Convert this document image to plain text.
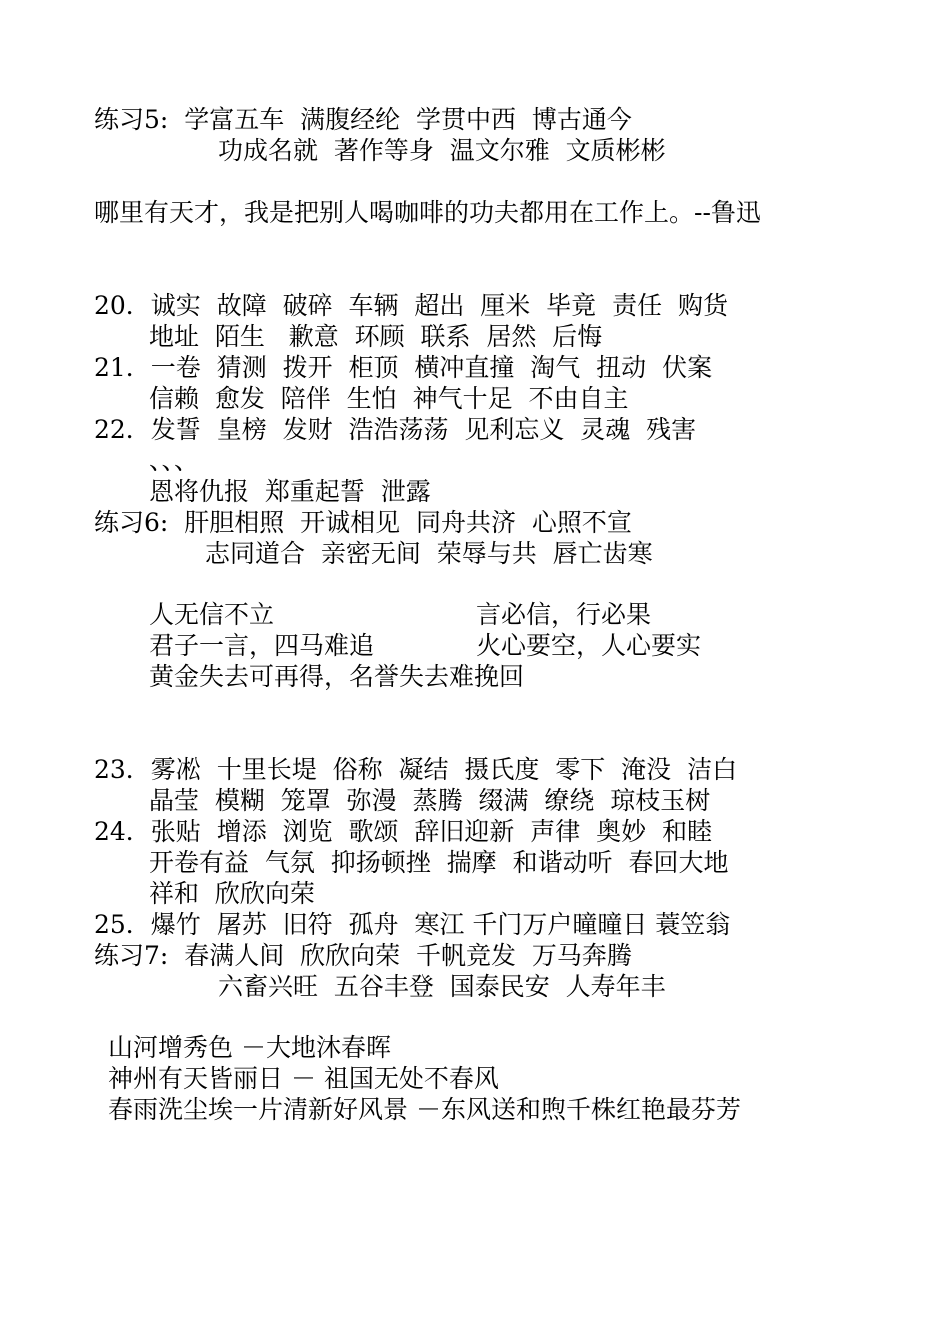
练习5:  学富五车  满腹经纶  学贯中西  博古通今
功成名就  著作等身  温文尔雅  文质彬彬
哪里有天才，我是把别人喝咖啡的功夫都用在工作上。--鲁迅
20．诚实  故障  破碎  车辆  超出  厘米  毕竟  责任  购货
地址  陌生   歉意  环顾  联系  居然  后悔
21．一卷  猜测  拨开  柜顶  横冲直撞  淘气  扭动  伏案
信赖  愈发  陪伴  生怕  神气十足  不由自主
22．发誓  皇榜  发财  浩浩荡荡  见利忘义  灵魂  残害
、、、
恩将仇报  郑重起誓  泄露
练习6:  肝胆相照  开诚相见  同舟共济  心照不宣
志同道合  亲密无间  荣辱与共  唇亡齿寒
人无信不立	言必信，行必果
君子一言，四马难追	火心要空，人心要实
黄金失去可再得，名誉失去难挽回
23．雾凇  十里长堤  俗称  凝结  摄氏度  零下  淹没  洁白
晶莹  模糊  笼罩  弥漫  蒸腾  缀满  缭绕  琼枝玉树
24．张贴  增添  浏览  歌颂  辞旧迎新  声律  奥妙  和睦
开卷有益  气氛  抑扬顿挫  揣摩  和谐动听  春回大地
祥和  欣欣向荣
25．爆竹  屠苏  旧符  孤舟  寒江 千门万户曈曈日 蓑笠翁
练习7:  春满人间  欣欣向荣  千帆竞发  万马奔腾
六畜兴旺  五谷丰登  国泰民安  人寿年丰
山河增秀色 －大地沐春晖
神州有天皆丽日 － 祖国无处不春风
春雨洗尘埃一片清新好风景 －东风送和煦千株红艳最芬芳
